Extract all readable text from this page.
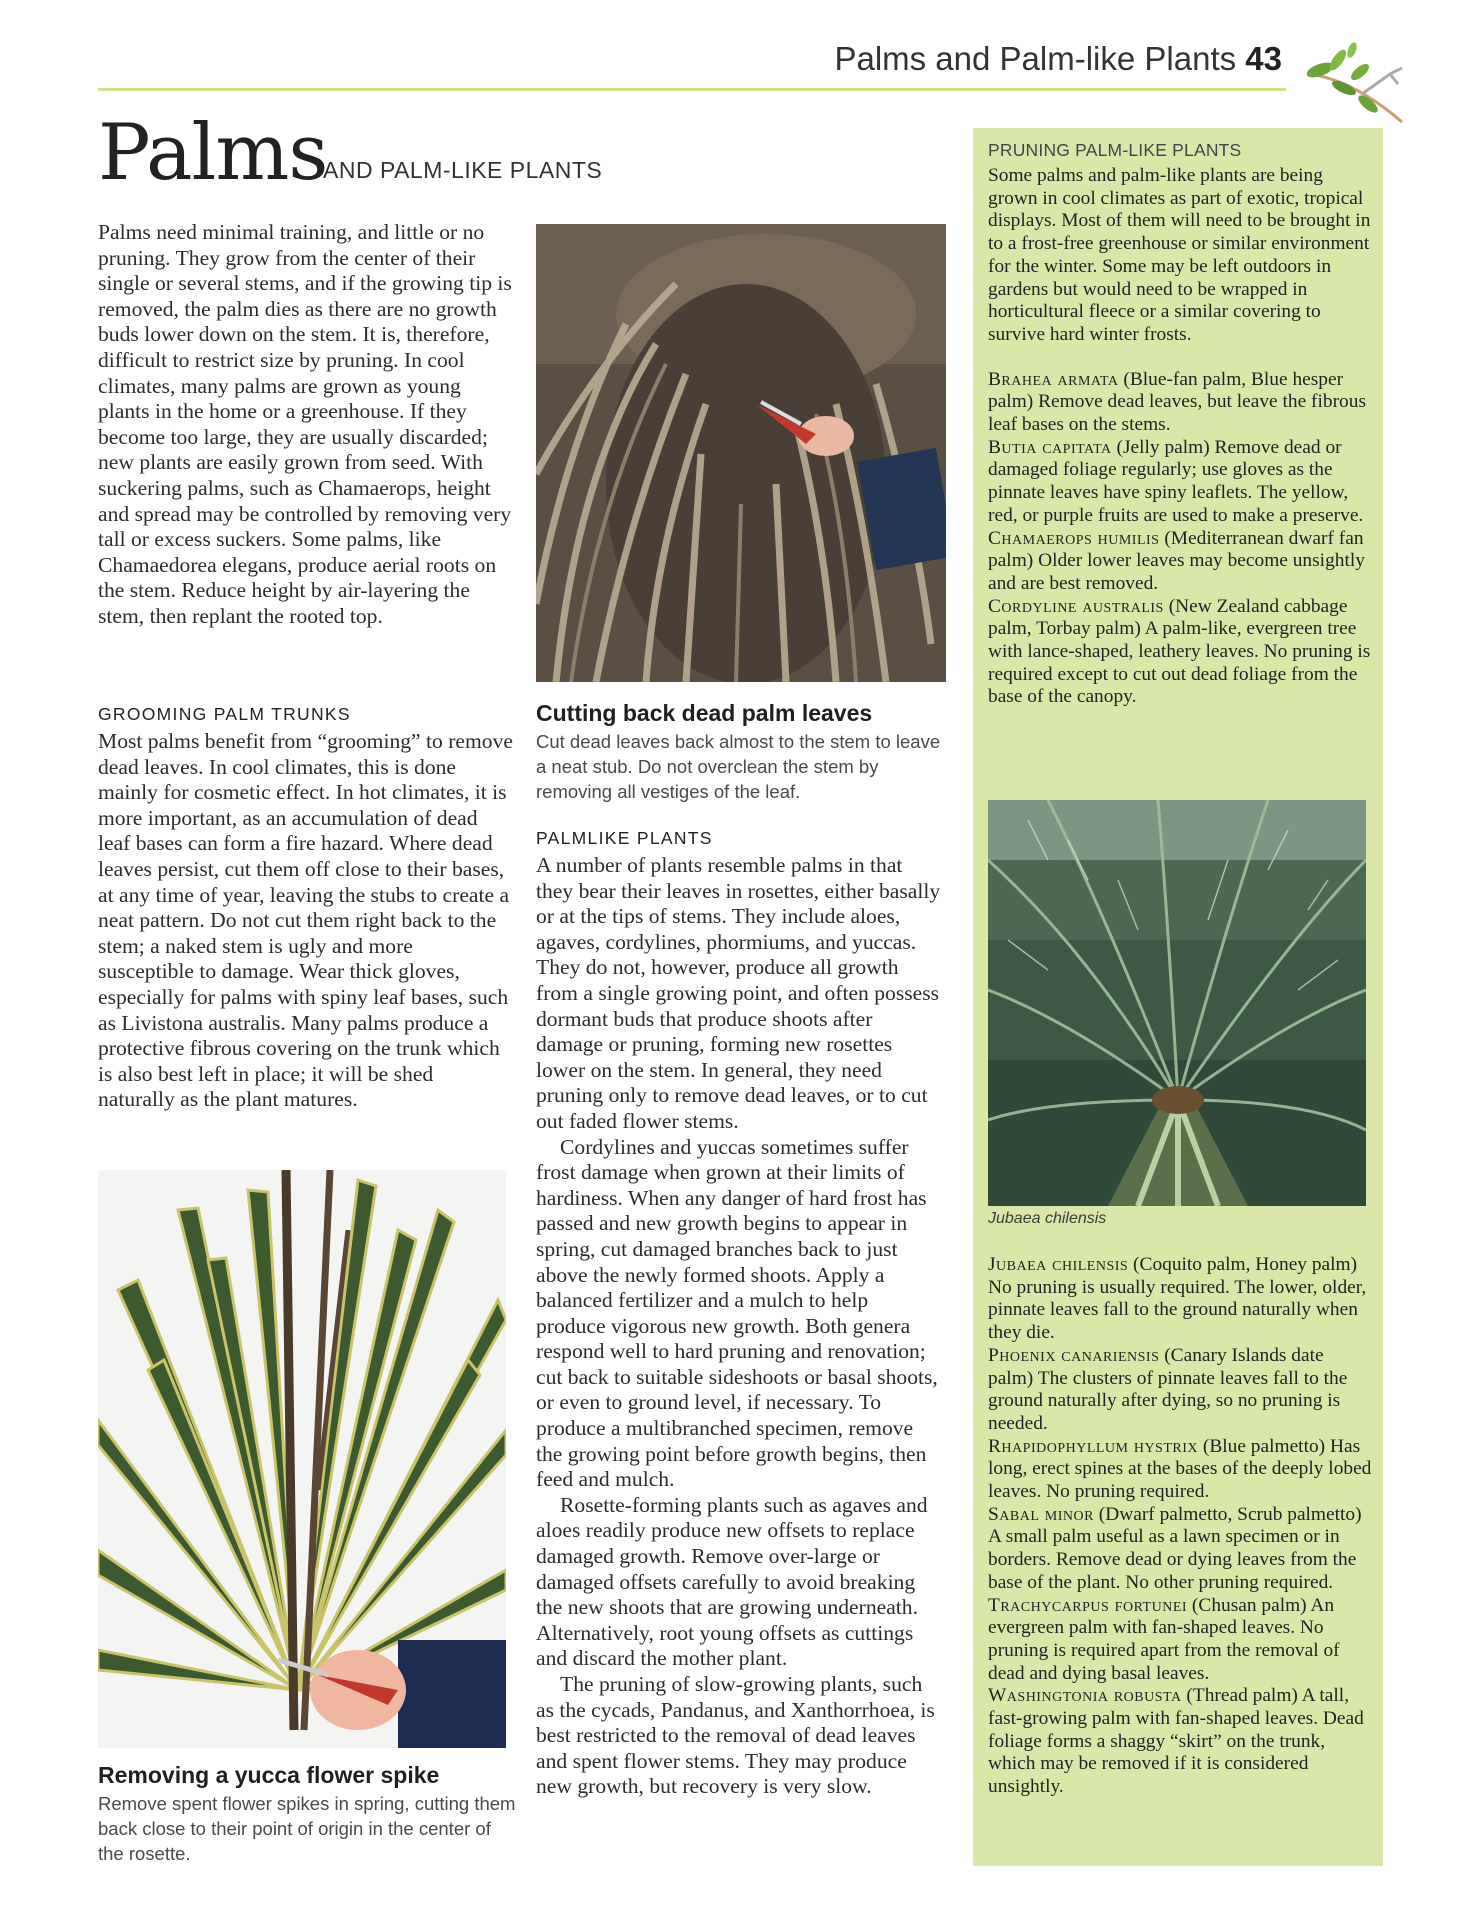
Palms and Palm-like Plants 43
Palms
AND PALM-LIKE PLANTS

Palms need minimal training, and little or no pruning. They grow from the center of their single or several stems, and if the growing tip is removed, the palm dies as there are no growth buds lower down on the stem. It is, therefore, difficult to restrict size by pruning. In cool climates, many palms are grown as young plants in the home or a greenhouse. If they become too large, they are usually discarded; new plants are easily grown from seed. With suckering palms, such as Chamaerops, height and spread may be controlled by removing very tall or excess suckers. Some palms, like Chamaedorea elegans, produce aerial roots on the stem. Reduce height by air-layering the stem, then replant the rooted top.

GROOMING PALM TRUNKS

Most palms benefit from “grooming” to remove dead leaves. In cool climates, this is done mainly for cosmetic effect. In hot climates, it is more important, as an accumulation of dead leaf bases can form a fire hazard. Where dead leaves persist, cut them off close to their bases, at any time of year, leaving the stubs to create a neat pattern. Do not cut them right back to the stem; a naked stem is ugly and more susceptible to damage. Wear thick gloves, especially for palms with spiny leaf bases, such as Livistona australis. Many palms produce a protective fibrous covering on the trunk which is also best left in place; it will be shed naturally as the plant matures.

Cutting back dead palm leaves

Cut dead leaves back almost to the stem to leave a neat stub. Do not overclean the stem by removing all vestiges of the leaf.

PALMLIKE PLANTS

A number of plants resemble palms in that they bear their leaves in rosettes, either basally or at the tips of stems. They include aloes, agaves, cordylines, phormiums, and yuccas. They do not, however, produce all growth from a single growing point, and often possess dormant buds that produce shoots after damage or pruning, forming new rosettes lower on the stem. In general, they need pruning only to remove dead leaves, or to cut out faded flower stems.

Cordylines and yuccas sometimes suffer frost damage when grown at their limits of hardiness. When any danger of hard frost has passed and new growth begins to appear in spring, cut damaged branches back to just above the newly formed shoots. Apply a balanced fertilizer and a mulch to help produce vigorous new growth. Both genera respond well to hard pruning and renovation; cut back to suitable sideshoots or basal shoots, or even to ground level, if necessary. To produce a multibranched specimen, remove the growing point before growth begins, then feed and mulch.

Rosette-forming plants such as agaves and aloes readily produce new offsets to replace damaged growth. Remove over-large or damaged offsets carefully to avoid breaking the new shoots that are growing underneath. Alternatively, root young offsets as cuttings and discard the mother plant.

The pruning of slow-growing plants, such as the cycads, Pandanus, and Xanthorrhoea, is best restricted to the removal of dead leaves and spent flower stems. They may produce new growth, but recovery is very slow.

Removing a yucca flower spike

Remove spent flower spikes in spring, cutting them back close to their point of origin in the center of the rosette.

PRUNING PALM-LIKE PLANTS

Some palms and palm-like plants are being grown in cool climates as part of exotic, tropical displays. Most of them will need to be brought in to a frost-free greenhouse or similar environment for the winter. Some may be left outdoors in gardens but would need to be wrapped in horticultural fleece or a similar covering to survive hard winter frosts.

Brahea armata (Blue-fan palm, Blue hesper palm) Remove dead leaves, but leave the fibrous leaf bases on the stems.

Butia capitata (Jelly palm) Remove dead or damaged foliage regularly; use gloves as the pinnate leaves have spiny leaflets. The yellow, red, or purple fruits are used to make a preserve.

Chamaerops humilis (Mediterranean dwarf fan palm) Older lower leaves may become unsightly and are best removed.

Cordyline australis (New Zealand cabbage palm, Torbay palm) A palm-like, evergreen tree with lance-shaped, leathery leaves. No pruning is required except to cut out dead foliage from the base of the canopy.

Jubaea chilensis

Jubaea chilensis (Coquito palm, Honey palm) No pruning is usually required. The lower, older, pinnate leaves fall to the ground naturally when they die.

Phoenix canariensis (Canary Islands date palm) The clusters of pinnate leaves fall to the ground naturally after dying, so no pruning is needed.

Rhapidophyllum hystrix (Blue palmetto) Has long, erect spines at the bases of the deeply lobed leaves. No pruning required.

Sabal minor (Dwarf palmetto, Scrub palmetto) A small palm useful as a lawn specimen or in borders. Remove dead or dying leaves from the base of the plant. No other pruning required.

Trachycarpus fortunei (Chusan palm) An evergreen palm with fan-shaped leaves. No pruning is required apart from the removal of dead and dying basal leaves.

Washingtonia robusta (Thread palm) A tall, fast-growing palm with fan-shaped leaves. Dead foliage forms a shaggy “skirt” on the trunk, which may be removed if it is considered unsightly.
